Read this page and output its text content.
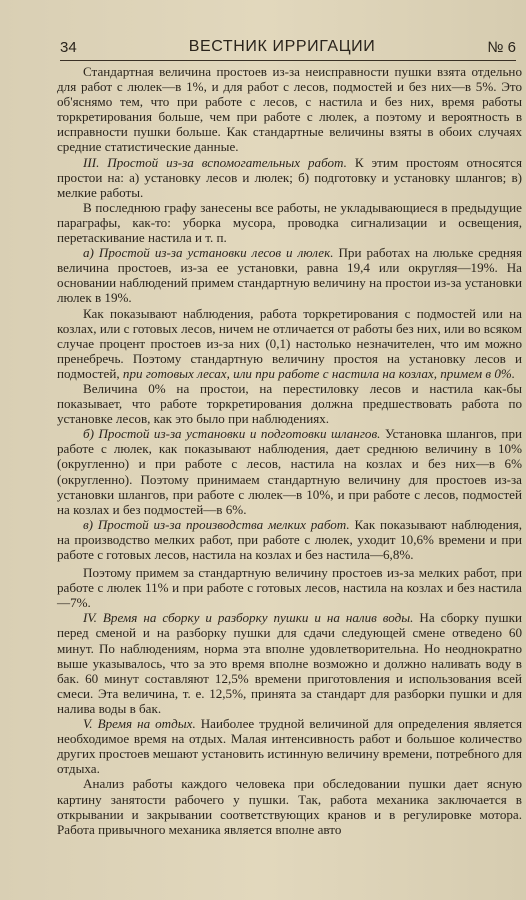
34	ВЕСТНИК ИРРИГАЦИИ	№ 6

Стандартная величина простоев из-за неисправности пушки взята отдельно для работ с люлек—в 1%, и для работ с лесов, подмостей и без них—в 5%. Это об'яснямо тем, что при работе с лесов, с настила и без них, время работы торкретирования больше, чем при работе с люлек, а поэтому и вероятность в исправности пушки больше. Как стандартные величины взяты в обоих случаях средние статистические данные.

III. Простой из-за вспомогательных работ. К этим простоям относятся простои на: а) установку лесов и люлек; б) подготовку и установку шлангов; в) мелкие работы.

В последнюю графу занесены все работы, не укладывающиеся в предыдущие параграфы, как-то: уборка мусора, проводка сигнализации и освещения, перетаскивание настила и т. п.

а) Простой из-за установки лесов и люлек. При работах на люльке средняя величина простоев, из-за ее установки, равна 19,4 или округляя—19%. На основании наблюдений примем стандартную величину на простои из-за установки люлек в 19%.

Как показывают наблюдения, работа торкретирования с подмостей или на козлах, или с готовых лесов, ничем не отличается от работы без них, или во всяком случае процент простоев из-за них (0,1) настолько незначителен, что им можно пренебречь. Поэтому стандартную величину простоя на установку лесов и подмостей, при готовых лесах, или при работе с настила на козлах, примем в 0%.

Величина 0% на простои, на перестиловку лесов и настила как-бы показывает, что работе торкретирования должна предшествовать работа по установке лесов, как это было при наблюдениях.

б) Простой из-за установки и подготовки шлангов. Установка шлангов, при работе с люлек, как показывают наблюдения, дает среднюю величину в 10% (округленно) и при работе с лесов, настила на козлах и без них—в 6% (округленно). Поэтому принимаем стандартную величину для простоев из-за установки шлангов, при работе с люлек—в 10%, и при работе с лесов, подмостей на козлах и без подмостей—в 6%.

в) Простой из-за производства мелких работ. Как показывают наблюдения, на производство мелких работ, при работе с люлек, уходит 10,6% времени и при работе с готовых лесов, настила на козлах и без настила—6,8%.

Поэтому примем за стандартную величину простоев из-за мелких работ, при работе с люлек 11% и при работе с готовых лесов, настила на козлах и без настила—7%.

IV. Время на сборку и разборку пушки и на налив воды. На сборку пушки перед сменой и на разборку пушки для сдачи следующей смене отведено 60 минут. По наблюдениям, норма эта вполне удовлетворительна. Но неоднократно выше указывалось, что за это время вполне возможно и должно наливать воду в бак. 60 минут составляют 12,5% времени приготовления и использования всей смеси. Эта величина, т. е. 12,5%, принята за стандарт для разборки пушки и для налива воды в бак.

V. Время на отдых. Наиболее трудной величиной для определения является необходимое время на отдых. Малая интенсивность работ и большое количество других простоев мешают установить истинную величину времени, потребного для отдыха.

Анализ работы каждого человека при обследовании пушки дает ясную картину занятости рабочего у пушки. Так, работа механика заключается в открывании и закрывании соответствующих кранов и в регулировке мотора. Работа привычного механика является вполне авто
